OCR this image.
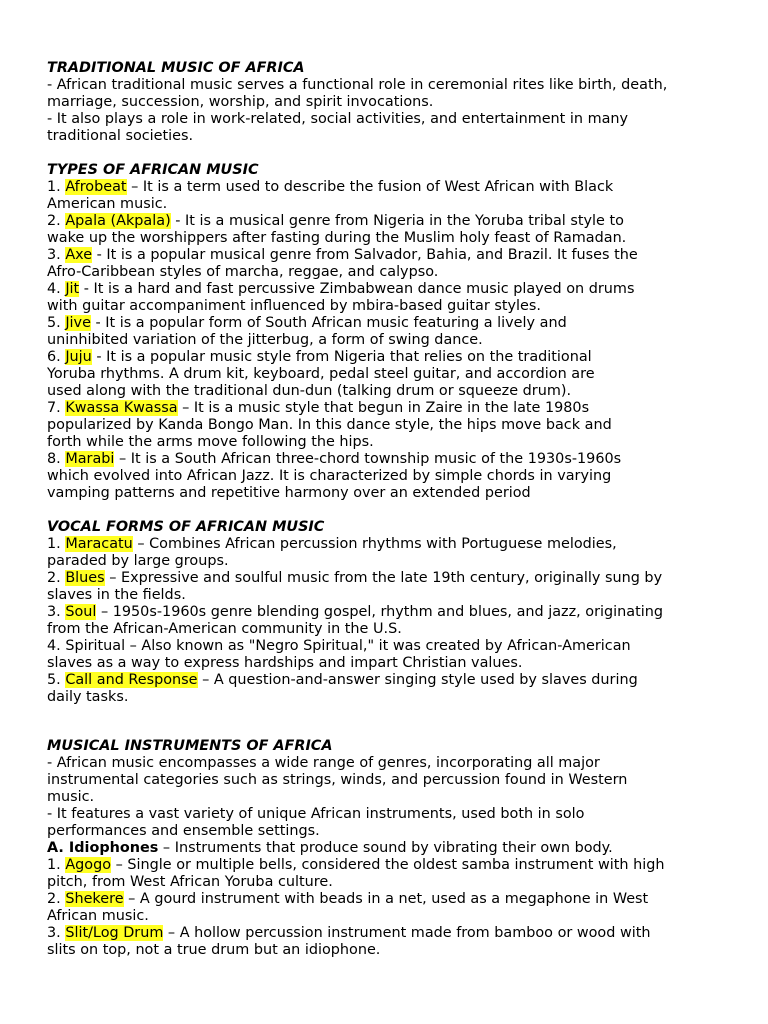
TRADITIONAL MUSIC OF AFRICA
- African traditional music serves a functional role in ceremonial rites like birth, death,
marriage, succession, worship, and spirit invocations.
- It also plays a role in work-related, social activities, and entertainment in many
traditional societies.
TYPES OF AFRICAN MUSIC
1. Afrobeat – It is a term used to describe the fusion of West African with Black
American music.
2. Apala (Akpala) - It is a musical genre from Nigeria in the Yoruba tribal style to
wake up the worshippers after fasting during the Muslim holy feast of Ramadan.
3. Axe - It is a popular musical genre from Salvador, Bahia, and Brazil. It fuses the
Afro-Caribbean styles of marcha, reggae, and calypso.
4. Jit - It is a hard and fast percussive Zimbabwean dance music played on drums
with guitar accompaniment influenced by mbira-based guitar styles.
5. Jive - It is a popular form of South African music featuring a lively and
uninhibited variation of the jitterbug, a form of swing dance.
6. Juju - It is a popular music style from Nigeria that relies on the traditional
Yoruba rhythms. A drum kit, keyboard, pedal steel guitar, and accordion are
used along with the traditional dun-dun (talking drum or squeeze drum).
7. Kwassa Kwassa – It is a music style that begun in Zaire in the late 1980s
popularized by Kanda Bongo Man. In this dance style, the hips move back and
forth while the arms move following the hips.
8. Marabi – It is a South African three-chord township music of the 1930s-1960s
which evolved into African Jazz. It is characterized by simple chords in varying
vamping patterns and repetitive harmony over an extended period
VOCAL FORMS OF AFRICAN MUSIC
1. Maracatu – Combines African percussion rhythms with Portuguese melodies,
paraded by large groups.
2. Blues – Expressive and soulful music from the late 19th century, originally sung by
slaves in the fields.
3. Soul – 1950s-1960s genre blending gospel, rhythm and blues, and jazz, originating
from the African-American community in the U.S.
4. Spiritual – Also known as "Negro Spiritual," it was created by African-American
slaves as a way to express hardships and impart Christian values.
5. Call and Response – A question-and-answer singing style used by slaves during
daily tasks.
MUSICAL INSTRUMENTS OF AFRICA
- African music encompasses a wide range of genres, incorporating all major
instrumental categories such as strings, winds, and percussion found in Western
music.
- It features a vast variety of unique African instruments, used both in solo
performances and ensemble settings.
A. Idiophones – Instruments that produce sound by vibrating their own body.
1. Agogo – Single or multiple bells, considered the oldest samba instrument with high
pitch, from West African Yoruba culture.
2. Shekere – A gourd instrument with beads in a net, used as a megaphone in West
African music.
3. Slit/Log Drum – A hollow percussion instrument made from bamboo or wood with
slits on top, not a true drum but an idiophone.
